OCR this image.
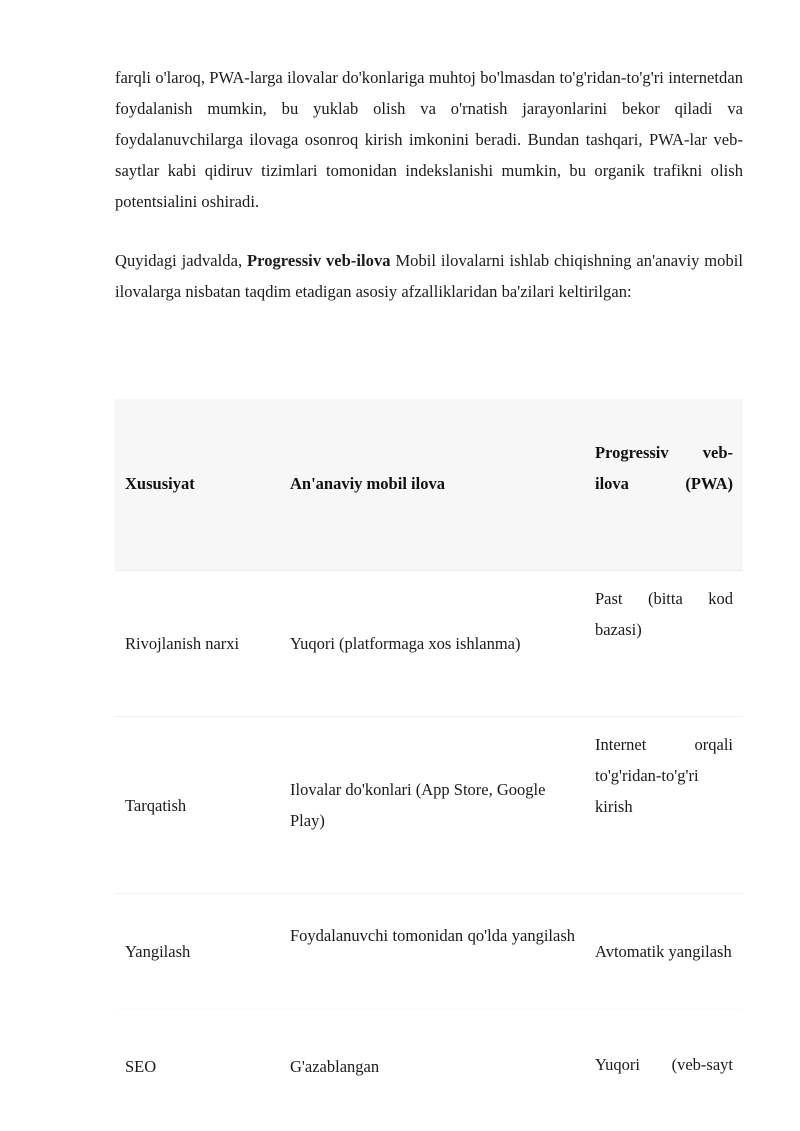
farqli o'laroq, PWA-larga ilovalar do'konlariga muhtoj bo'lmasdan to'g'ridan-to'g'ri internetdan foydalanish mumkin, bu yuklab olish va o'rnatish jarayonlarini bekor qiladi va foydalanuvchilarga ilovaga osonroq kirish imkonini beradi. Bundan tashqari, PWA-lar veb-saytlar kabi qidiruv tizimlari tomonidan indekslanishi mumkin, bu organik trafikni olish potentsialini oshiradi.

Quyidagi jadvalda, Progressiv veb-ilova Mobil ilovalarni ishlab chiqishning an'anaviy mobil ilovalarga nisbatan taqdim etadigan asosiy afzalliklaridan ba'zilari keltirilgan:

Xususiyat	An'anaviy mobil ilova	Progressiv veb-ilova (PWA)

Rivojlanish narxi	Yuqori (platformaga xos ishlanma)	Past (bitta kod bazasi)

Tarqatish	Ilovalar do'konlari (App Store, Google Play)	Internet orqali to'g'ridan-to'g'ri kirish

Yangilash	Foydalanuvchi tomonidan qo'lda yangilash	Avtomatik yangilash

SEO	G'azablangan	Yuqori (veb-sayt
